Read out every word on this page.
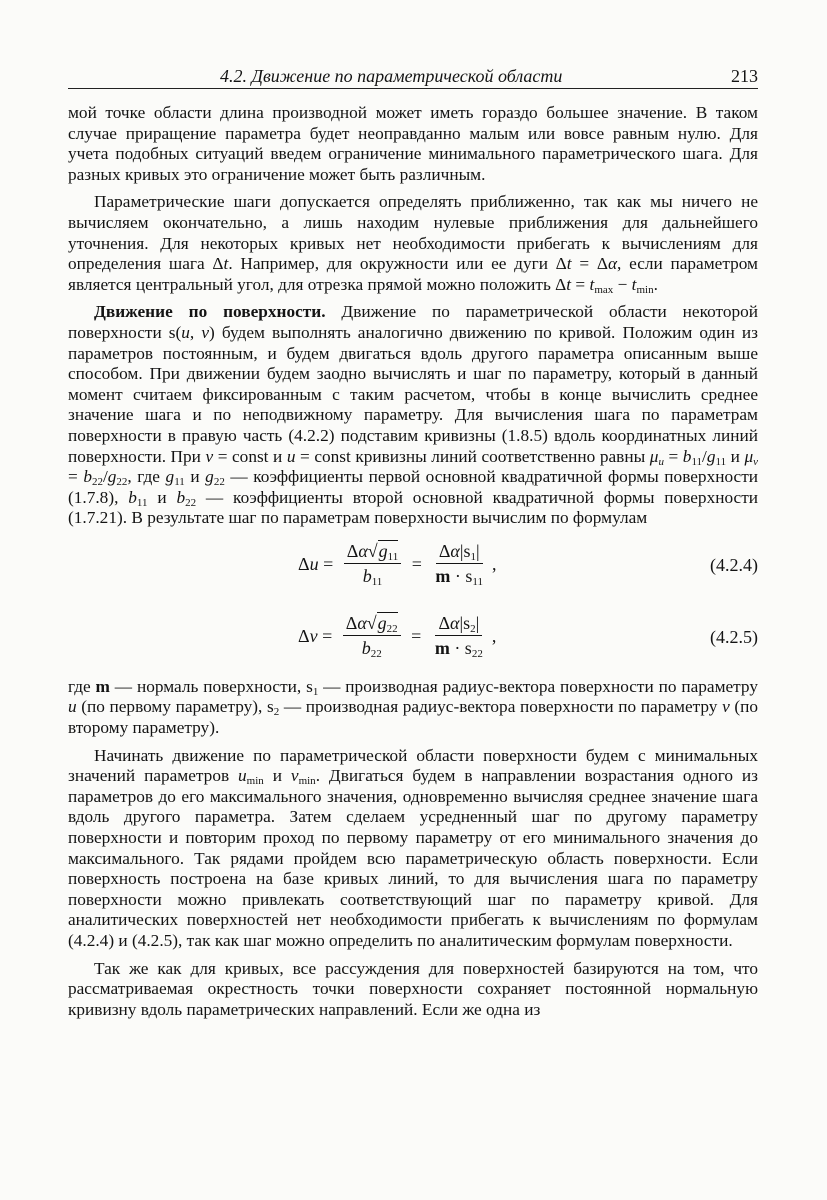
4.2. Движение по параметрической области	213

мой точке области длина производной может иметь гораздо большее значение. В таком случае приращение параметра будет неоправданно малым или вовсе равным нулю. Для учета подобных ситуаций введем ограничение минимального параметрического шага. Для разных кривых это ограничение может быть различным.

Параметрические шаги допускается определять приближенно, так как мы ничего не вычисляем окончательно, а лишь находим нулевые приближения для дальнейшего уточнения. Для некоторых кривых нет необходимости прибегать к вычислениям для определения шага Δt. Например, для окружности или ее дуги Δt = Δα, если параметром является центральный угол, для отрезка прямой можно положить $\Delta t = t_{max} - t_{min}$.

Движение по поверхности. Движение по параметрической области некоторой поверхности s(u, v) будем выполнять аналогично движению по кривой. Положим один из параметров постоянным, и будем двигаться вдоль другого параметра описанным выше способом. При движении будем заодно вычислять и шаг по параметру, который в данный момент считаем фиксированным с таким расчетом, чтобы в конце вычислить среднее значение шага и по неподвижному параметру. Для вычисления шага по параметрам поверхности в правую часть (4.2.2) подставим кривизны (1.8.5) вдоль координатных линий поверхности. При v = const и u = const кривизны линий соответственно равны $\mu_u = b_{11}/g_{11}$ и $\mu_v = b_{22}/g_{22}$, где $g_{11}$ и $g_{22}$ — коэффициенты первой основной квадратичной формы поверхности (1.7.8), $b_{11}$ и $b_{22}$ — коэффициенты второй основной квадратичной формы поверхности (1.7.21). В результате шаг по параметрам поверхности вычислим по формулам

Δ $u = \frac{\Delta\alpha√g_{11}}{b_{11}} = \frac{\Delta\alpha|s_1|}{m \cdot s_{11}}$ ,	(4.2.4)
Δ $v = \frac{\Delta\alpha√g_{22}}{b_{22}} = \frac{\Delta\alpha|s_2|}{m \cdot s_{22}}$ ,	(4.2.5)

где m — нормаль поверхности, $s_1$ — производная радиус-вектора поверхности по параметру u (по первому параметру), $s_2$ — производная радиус-вектора поверхности по параметру v (по второму параметру).

Начинать движение по параметрической области поверхности будем с минимальных значений параметров $u_{min}$ и $v_{min}$. Двигаться будем в направлении возрастания одного из параметров до его максимального значения, одновременно вычисляя среднее значение шага вдоль другого параметра. Затем сделаем усредненный шаг по другому параметру поверхности и повторим проход по первому параметру от его минимального значения до максимального. Так рядами пройдем всю параметрическую область поверхности. Если поверхность построена на базе кривых линий, то для вычисления шага по параметру поверхности можно привлекать соответствующий шаг по параметру кривой. Для аналитических поверхностей нет необходимости прибегать к вычислениям по формулам (4.2.4) и (4.2.5), так как шаг можно определить по аналитическим формулам поверхности.

Так же как для кривых, все рассуждения для поверхностей базируются на том, что рассматриваемая окрестность точки поверхности сохраняет постоянной нормальную кривизну вдоль параметрических направлений. Если же одна из
